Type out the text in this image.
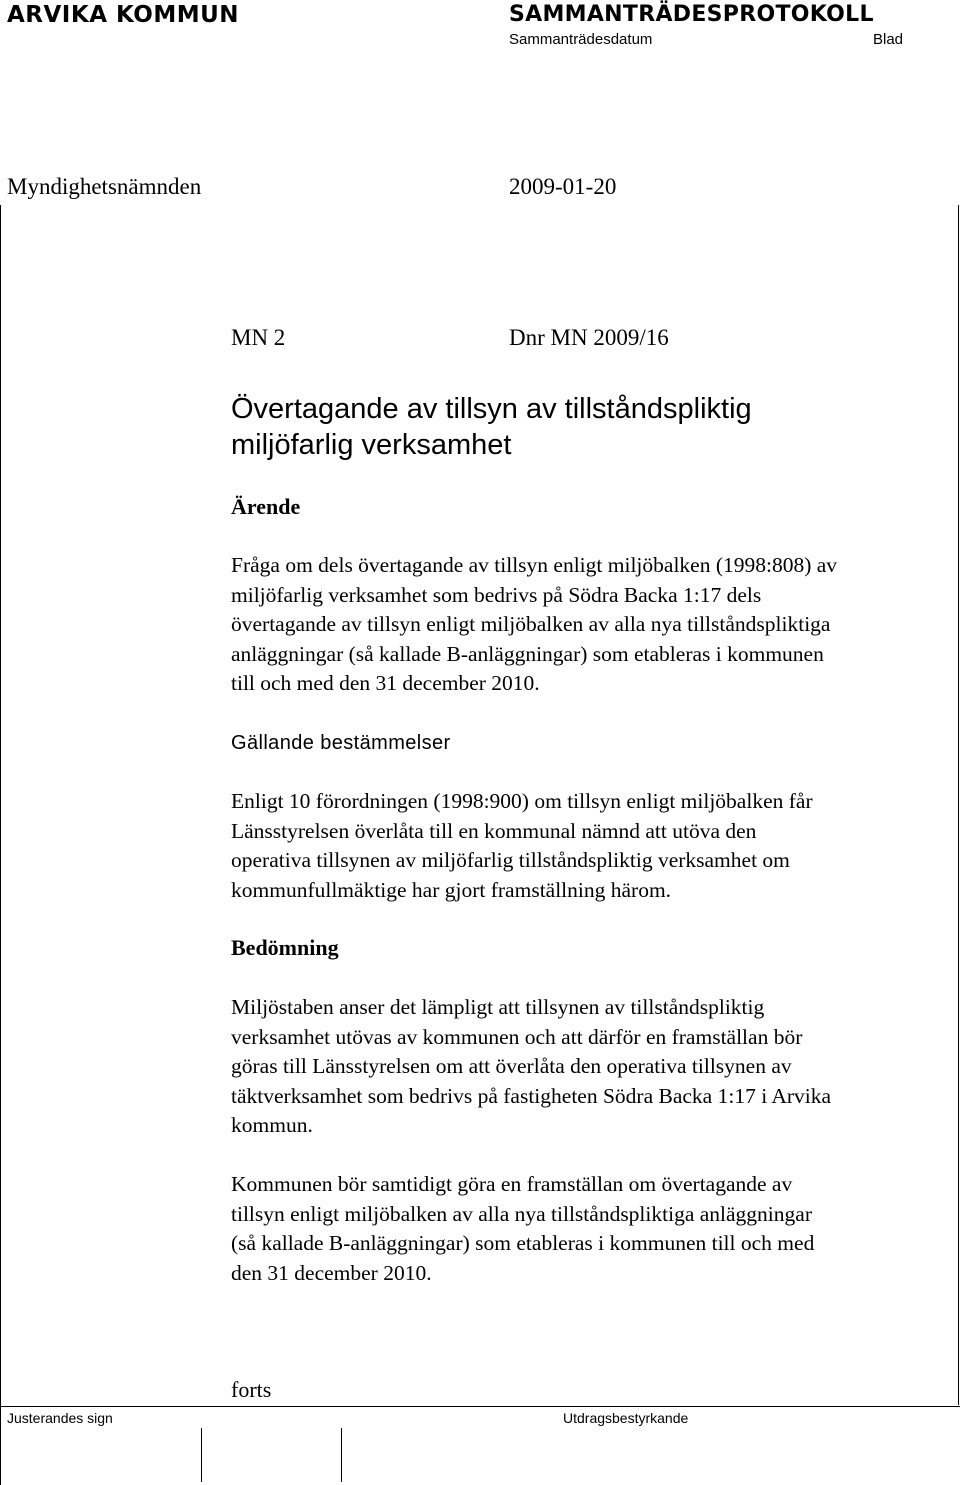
ARVIKA KOMMUN	SAMMANTRÄDESPROTOKOLL
Sammanträdesdatum	Blad
Myndighetsnämnden	2009-01-20
MN 2	Dnr MN 2009/16
Övertagande av tillsyn av tillståndspliktig
miljöfarlig verksamhet
Ärende
Fråga om dels övertagande av tillsyn enligt miljöbalken (1998:808) av
miljöfarlig verksamhet som bedrivs på Södra Backa 1:17 dels
övertagande av tillsyn enligt miljöbalken av alla nya tillståndspliktiga
anläggningar (så kallade B-anläggningar) som etableras i kommunen
till och med den 31 december 2010.
Gällande bestämmelser
Enligt 10 förordningen (1998:900) om tillsyn enligt miljöbalken får
Länsstyrelsen överlåta till en kommunal nämnd att utöva den
operativa tillsynen av miljöfarlig tillståndspliktig verksamhet om
kommunfullmäktige har gjort framställning härom.
Bedömning
Miljöstaben anser det lämpligt att tillsynen av tillståndspliktig
verksamhet utövas av kommunen och att därför en framställan bör
göras till Länsstyrelsen om att överlåta den operativa tillsynen av
täktverksamhet som bedrivs på fastigheten Södra Backa 1:17 i Arvika
kommun.
Kommunen bör samtidigt göra en framställan om övertagande av
tillsyn enligt miljöbalken av alla nya tillståndspliktiga anläggningar
(så kallade B-anläggningar) som etableras i kommunen till och med
den 31 december 2010.
forts
Justerandes sign	Utdragsbestyrkande
